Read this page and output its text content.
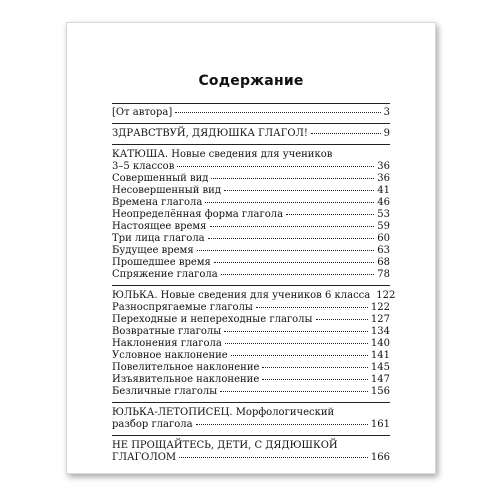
Содержание
[От автора]	3
ЗДРАВСТВУЙ, ДЯДЮШКА ГЛАГОЛ!	9
КАТЮША. Новые сведения для учеников
3–5 классов	36
Совершенный вид	36
Несовершенный вид	41
Времена глагола	46
Неопределённая форма глагола	53
Настоящее время	59
Три лица глагола	60
Будущее время	63
Прошедшее время	68
Спряжение глагола	78
ЮЛЬКА. Новые сведения для учеников 6 класса 122
Разноспрягаемые глаголы	122
Переходные и непереходные глаголы	127
Возвратные глаголы	134
Наклонения глагола	140
Условное наклонение	141
Повелительное наклонение	145
Изъявительное наклонение	147
Безличные глаголы	156
ЮЛЬКА-ЛЕТОПИСЕЦ. Морфологический
разбор глагола	161
НЕ ПРОЩАЙТЕСЬ, ДЕТИ, С ДЯДЮШКОЙ
ГЛАГОЛОМ	166
